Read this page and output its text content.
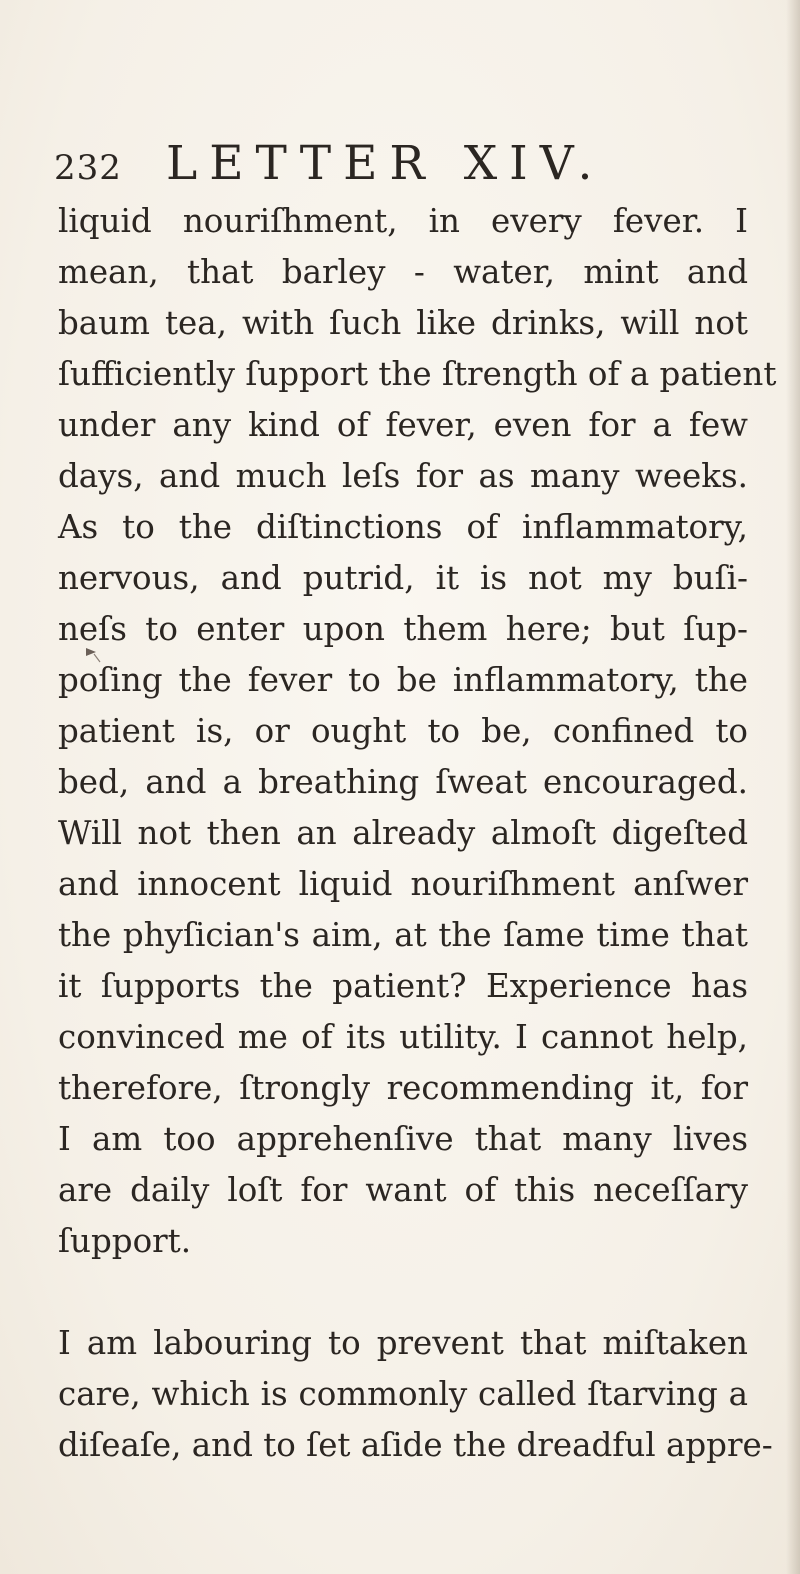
232 LETTER XIV.
liquid nouriſhment, in every fever. I
mean, that barley - water, mint and
baum tea, with ſuch like drinks, will not
ſufficiently ſupport the ſtrength of a patient
under any kind of fever, even for a few
days, and much leſs for as many weeks.
As to the diſtinctions of inflammatory,
nervous, and putrid, it is not my buſi-
neſs to enter upon them here; but ſup-
poſing the fever to be inflammatory, the
patient is, or ought to be, confined to
bed, and a breathing ſweat encouraged.
Will not then an already almoſt digeſted
and innocent liquid nouriſhment anſwer
the phyſician's aim, at the ſame time that
it ſupports the patient? Experience has
convinced me of its utility. I cannot help,
therefore, ſtrongly recommending it, for
I am too apprehenſive that many lives
are daily loſt for want of this neceſſary
ſupport.
I am labouring to prevent that miſtaken
care, which is commonly called ſtarving a
diſeaſe, and to ſet aſide the dreadful appre-
